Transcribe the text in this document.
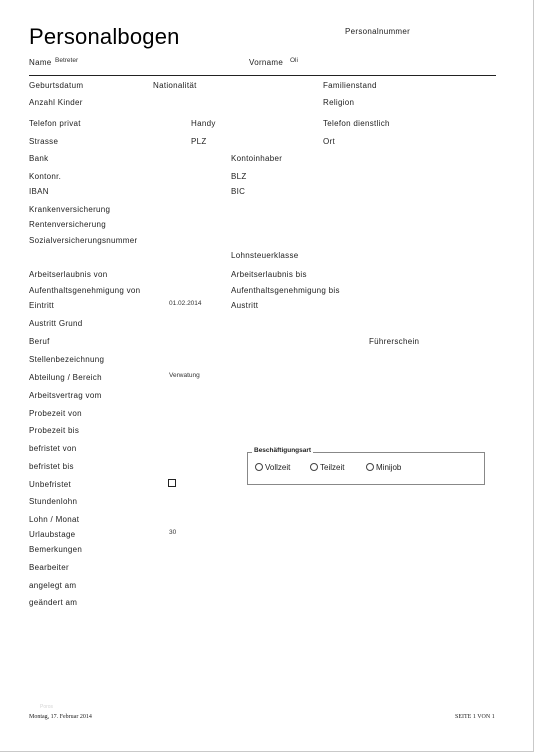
Personalbogen	Personalnummer
Name Betreter	Vorname Oli
Geburtsdatum	Nationalität	Familienstand
Anzahl Kinder	Religion
Telefon privat	Handy	Telefon dienstlich
Strasse	PLZ	Ort
Bank	Kontoinhaber
Kontonr.	BLZ
IBAN	BIC
Krankenversicherung
Rentenversicherung
Sozialversicherungsnummer
Lohnsteuerklasse
Arbeitserlaubnis von	Arbeitserlaubnis bis
Aufenthaltsgenehmigung von	Aufenthaltsgenehmigung bis
Eintritt	01.02.2014	Austritt
Austritt Grund
Beruf	Führerschein
Stellenbezeichnung
Abteilung / Bereich	Verwatung
Arbeitsvertrag vom
Probezeit von
Probezeit bis
befristet von
befristet bis
Unbefristet
Stundenlohn
Lohn / Monat
Urlaubstage	30
Bemerkungen
Bearbeiter
angelegt am
geändert am
Beschäftigungsart
Vollzeit	Teilzeit	Minijob
Poros
Montag, 17. Februar 2014	SEITE 1 VON 1
